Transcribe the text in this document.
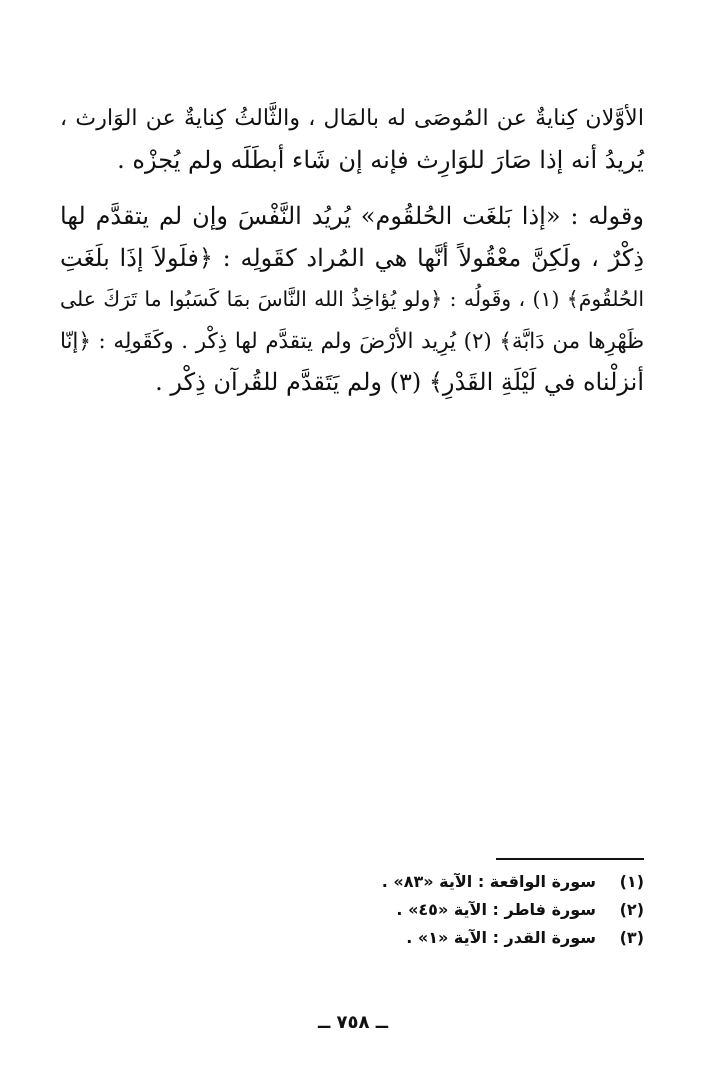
الأوَّلان كِنايةٌ عن المُوصَى له بالمَال ، والثَّالثُ كِنايةٌ عن الوَارث ،
يُريدُ أنه إذا صَارَ للوَارِث فإنه إن شَاء أبطَلَه ولم يُجزْه .
وقوله : «إذا بَلغَت الحُلقُوم» يُريُد النَّفْسَ وإن لم يتقدَّم لها
ذِكْرٌ ، ولَكِنَّ معْقُولاً أنَّها هي المُراد كقَولِه : ﴿فلَولاَ إذَا بلَغَتِ
الحُلقُومَ﴾ (١) ، وقَولُه : ﴿ولو يُؤاخِذُ الله النَّاسَ بمَا كَسَبُوا ما تَرَكَ على
ظَهْرِها من دَابَّة﴾ (٢) يُرِيد الأرْضَ ولم يتقدَّم لها ذِكْر . وكَقَولِه : ﴿إنّا
أنزلْناه في لَيْلَةِ القَدْرِ﴾ (٣) ولم يَتَقدَّم للقُرآن ذِكْر .
(١)
سورة الواقعة : الآية «٨٣» .
(٢)
سورة فاطر : الآية «٤٥» .
(٣)
سورة القدر : الآية «١» .
ــ ٧٥٨ ــ
